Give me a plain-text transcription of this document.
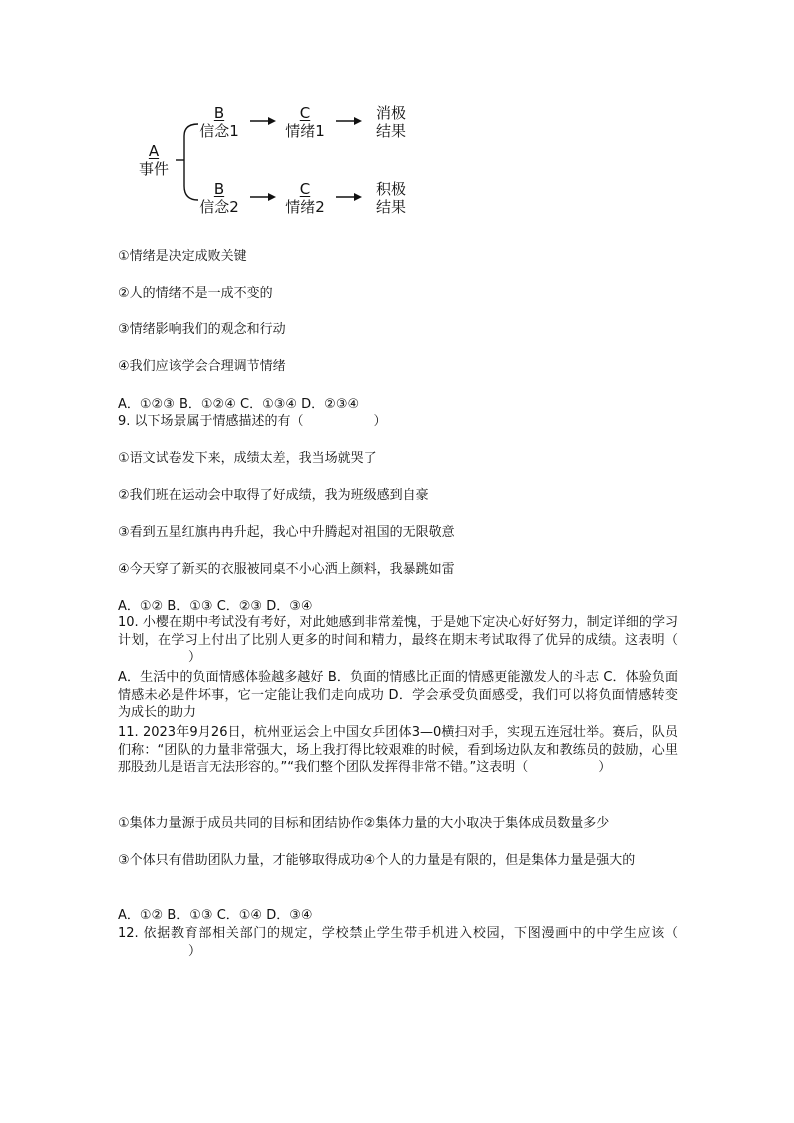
A
事件
B
信念1
C
情绪1
消极
结果
B
信念2
C
情绪2
积极
结果
①情绪是决定成败关键
②人的情绪不是一成不变的
③情绪影响我们的观念和行动
④我们应该学会合理调节情绪
A．①②③ B．①②④ C．①③④ D．②③④
9. 以下场景属于情感描述的有（	）
①语文试卷发下来，成绩太差，我当场就哭了
②我们班在运动会中取得了好成绩，我为班级感到自豪
③看到五星红旗冉冉升起，我心中升腾起对祖国的无限敬意
④今天穿了新买的衣服被同桌不小心洒上颜料，我暴跳如雷
A．①② B．①③ C．②③ D．③④
10. 小樱在期中考试没有考好，对此她感到非常羞愧，于是她下定决心好好努力，制定详细的学习计划，在学习上付出了比别人更多的时间和精力，最终在期末考试取得了优异的成绩。这表明（）
A．生活中的负面情感体验越多越好 B．负面的情感比正面的情感更能激发人的斗志 C．体验负面情感未必是件坏事，它一定能让我们走向成功 D．学会承受负面感受，我们可以将负面情感转变为成长的助力
11. 2023年9月26日，杭州亚运会上中国女乒团体3—0横扫对手，实现五连冠壮举。赛后，队员们称：“团队的力量非常强大，场上我打得比较艰难的时候，看到场边队友和教练员的鼓励，心里那股劲儿是语言无法形容的。”“我们整个团队发挥得非常不错。”这表明（	）
①集体力量源于成员共同的目标和团结协作②集体力量的大小取决于集体成员数量多少
③个体只有借助团队力量，才能够取得成功④个人的力量是有限的，但是集体力量是强大的
A．①② B．①③ C．①④ D．③④
12. 依据教育部相关部门的规定，学校禁止学生带手机进入校园，下图漫画中的中学生应该（）
